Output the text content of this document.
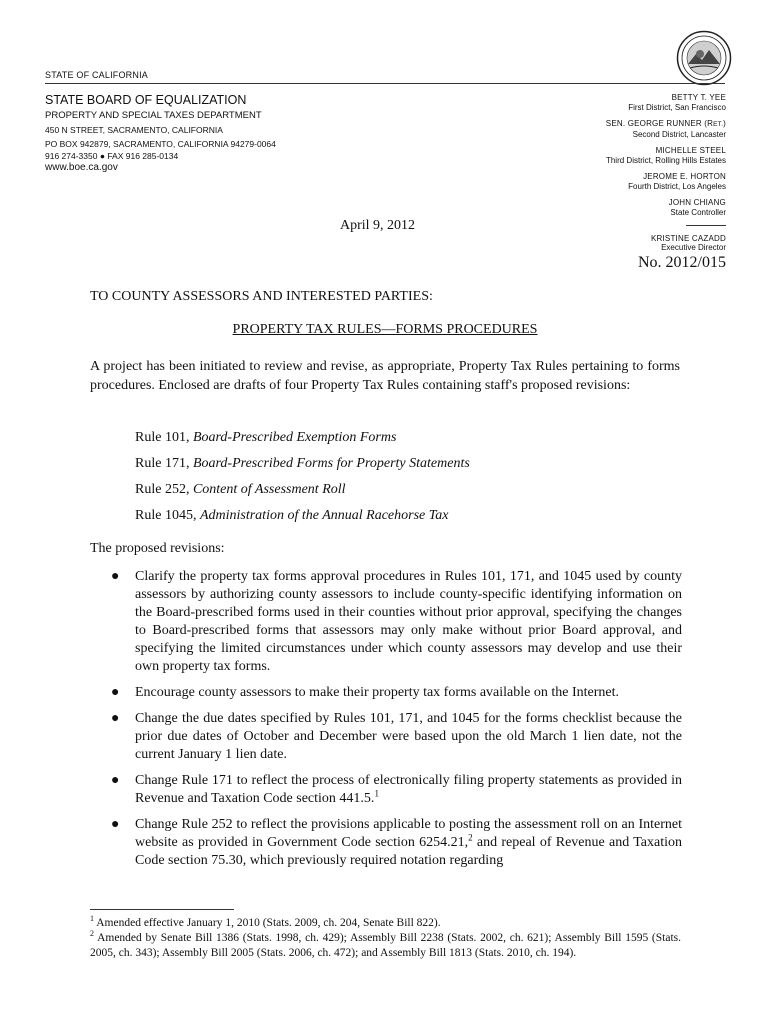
STATE OF CALIFORNIA
STATE BOARD OF EQUALIZATION
PROPERTY AND SPECIAL TAXES DEPARTMENT
450 N STREET, SACRAMENTO, CALIFORNIA
PO BOX 942879, SACRAMENTO, CALIFORNIA 94279-0064
916 274-3350 ● FAX 916 285-0134
www.boe.ca.gov
BETTY T. YEE
First District, San Francisco
SEN. GEORGE RUNNER (RET.)
Second District, Lancaster
MICHELLE STEEL
Third District, Rolling Hills Estates
JEROME E. HORTON
Fourth District, Los Angeles
JOHN CHIANG
State Controller
KRISTINE CAZADD
Executive Director
April 9, 2012
No. 2012/015
TO COUNTY ASSESSORS AND INTERESTED PARTIES:
PROPERTY TAX RULES—FORMS PROCEDURES
A project has been initiated to review and revise, as appropriate, Property Tax Rules pertaining to forms procedures. Enclosed are drafts of four Property Tax Rules containing staff's proposed revisions:
Rule 101, Board-Prescribed Exemption Forms
Rule 171, Board-Prescribed Forms for Property Statements
Rule 252, Content of Assessment Roll
Rule 1045, Administration of the Annual Racehorse Tax
The proposed revisions:
● Clarify the property tax forms approval procedures in Rules 101, 171, and 1045 used by county assessors by authorizing county assessors to include county-specific identifying information on the Board-prescribed forms used in their counties without prior approval, specifying the changes to Board-prescribed forms that assessors may only make without prior Board approval, and specifying the limited circumstances under which county assessors may develop and use their own property tax forms.
● Encourage county assessors to make their property tax forms available on the Internet.
● Change the due dates specified by Rules 101, 171, and 1045 for the forms checklist because the prior due dates of October and December were based upon the old March 1 lien date, not the current January 1 lien date.
● Change Rule 171 to reflect the process of electronically filing property statements as provided in Revenue and Taxation Code section 441.5.$^1$
● Change Rule 252 to reflect the provisions applicable to posting the assessment roll on an Internet website as provided in Government Code section 6254.21,$^2$ and repeal of Revenue and Taxation Code section 75.30, which previously required notation regarding
$^1$ Amended effective January 1, 2010 (Stats. 2009, ch. 204, Senate Bill 822).
$^2$ Amended by Senate Bill 1386 (Stats. 1998, ch. 429); Assembly Bill 2238 (Stats. 2002, ch. 621); Assembly Bill 1595 (Stats. 2005, ch. 343); Assembly Bill 2005 (Stats. 2006, ch. 472); and Assembly Bill 1813 (Stats. 2010, ch. 194).
